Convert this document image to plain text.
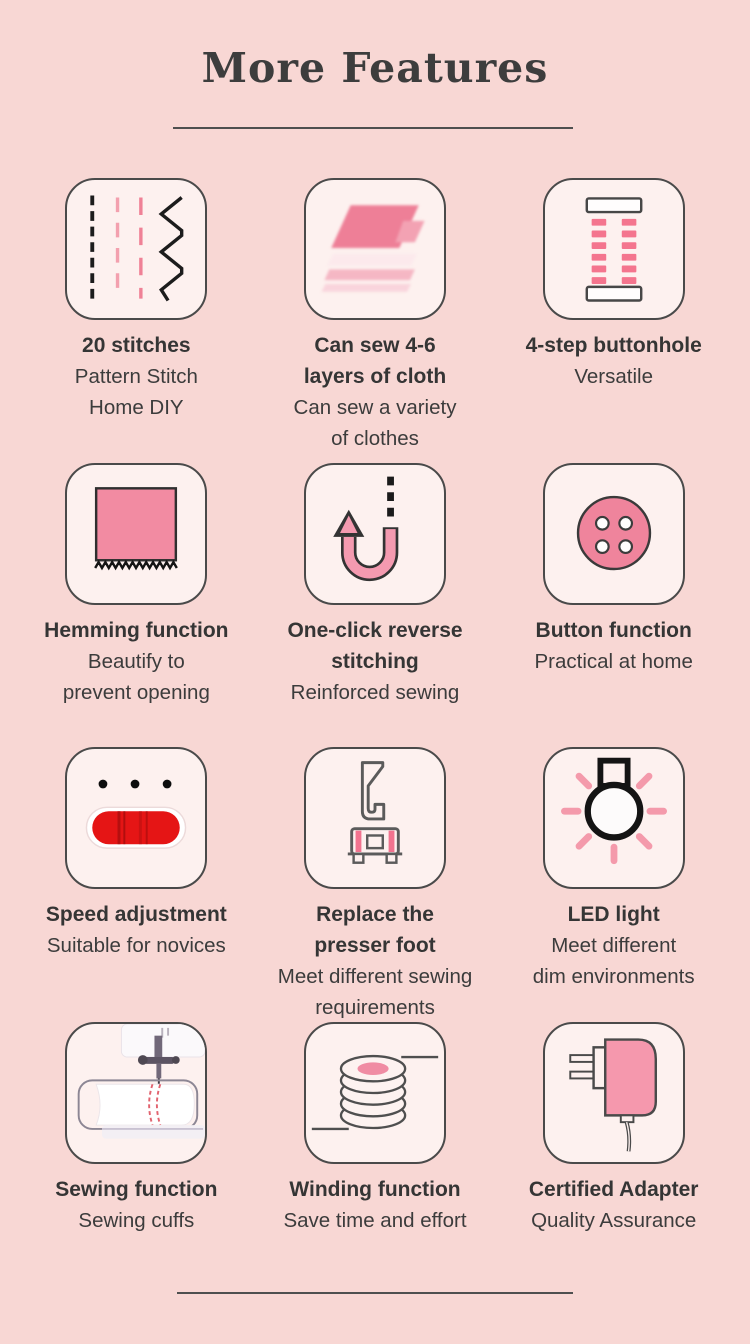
More Features
20 stitches
Pattern Stitch
Home DIY
Can sew 4-6
layers of cloth
Can sew a variety
of clothes
4-step buttonhole
Versatile
Hemming function
Beautify to
prevent opening
One-click reverse
stitching
Reinforced sewing
Button function
Practical at home
Speed adjustment
Suitable for novices
Replace the
presser foot
Meet different sewing
requirements
LED light
Meet different
dim environments
Sewing function
Sewing cuffs
Winding function
Save time and effort
Certified Adapter
Quality Assurance
